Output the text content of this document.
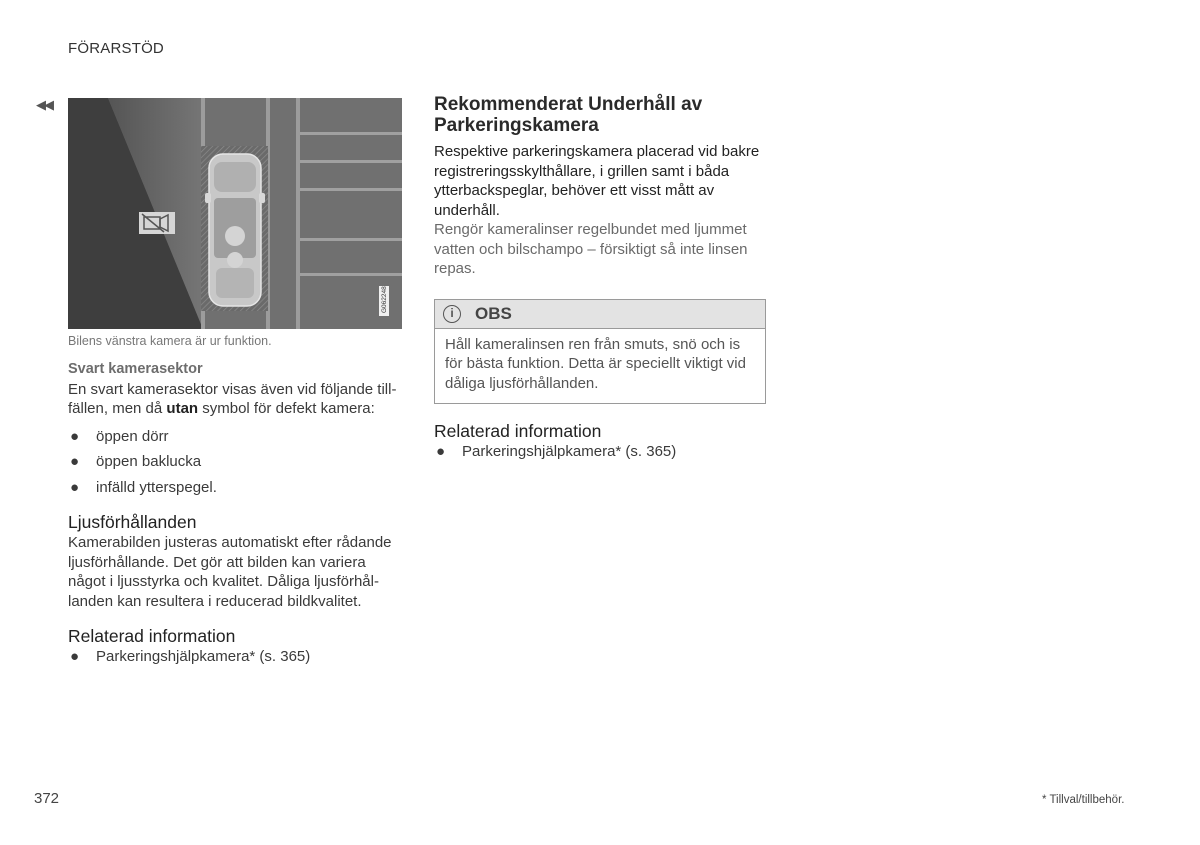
FÖRARSTÖD
◀◀
G062248
Bilens vänstra kamera är ur funktion.

Svart kamerasektor

En svart kamerasektor visas även vid följande till-fällen, men då utan symbol för defekt kamera:

● öppen dörr
● öppen baklucka
● infälld ytterspegel.
Ljusförhållanden

Kamerabilden justeras automatiskt efter rådande ljusförhållande. Det gör att bilden kan variera något i ljusstyrka och kvalitet. Dåliga ljusförhål-landen kan resultera i reducerad bildkvalitet.

Relaterad information
● Parkeringshjälpkamera* (s. 365)
Rekommenderat Underhåll av Parkeringskamera

Respektive parkeringskamera placerad vid bakre registreringsskylthållare, i grillen samt i båda ytterbackspeglar, behöver ett visst mått av underhåll.

Rengör kameralinser regelbundet med ljummet vatten och bilschampo – försiktigt så inte linsen repas.

i	OBS
Håll kameralinsen ren från smuts, snö och is för bästa funktion. Detta är speciellt viktigt vid dåliga ljusförhållanden.
Relaterad information
● Parkeringshjälpkamera* (s. 365)
372	* Tillval/tillbehör.
